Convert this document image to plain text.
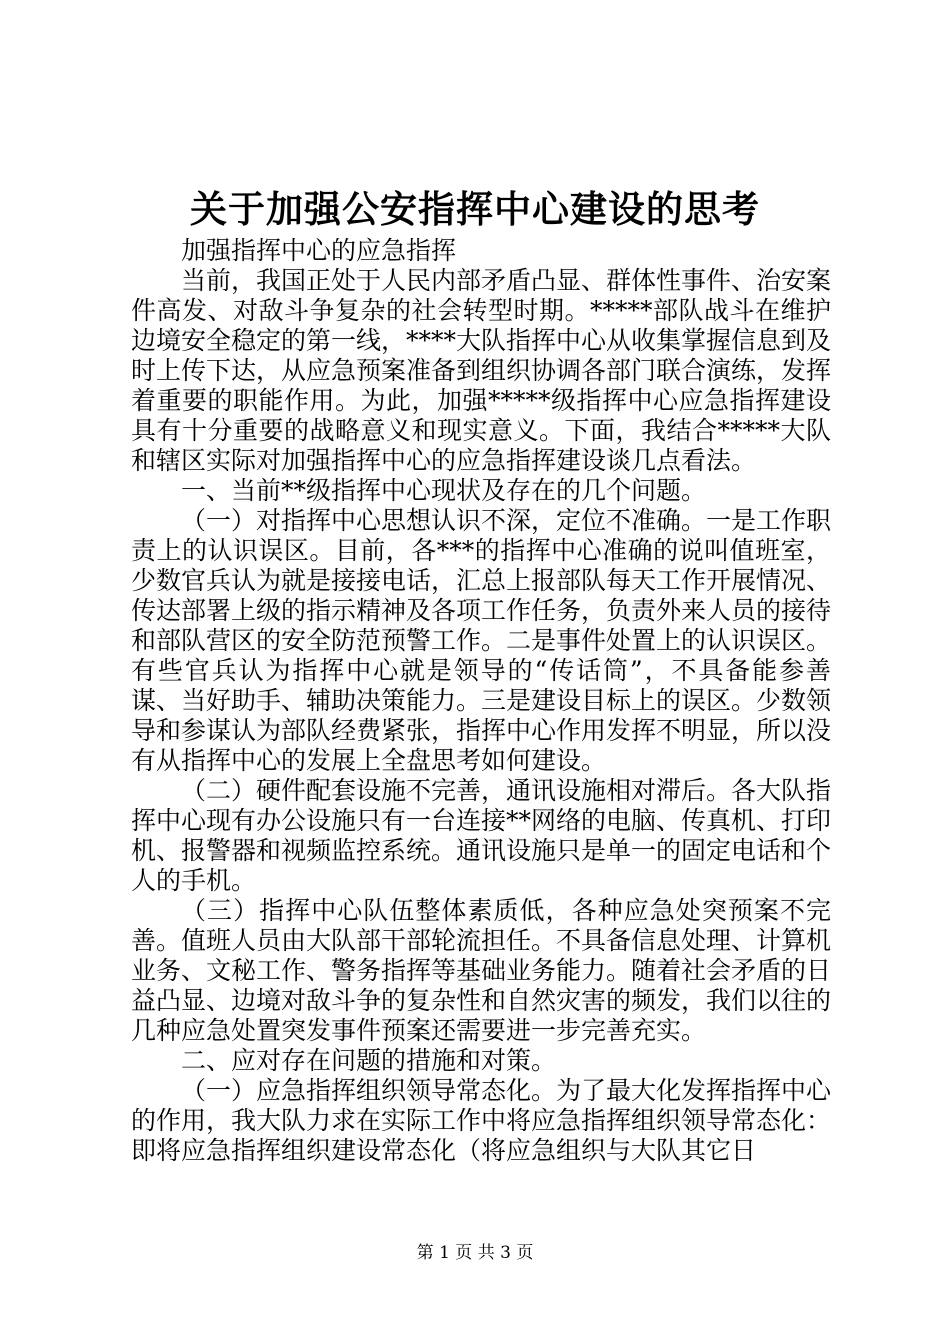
关于加强公安指挥中心建设的思考

加强指挥中心的应急指挥

当前，我国正处于人民内部矛盾凸显、群体性事件、治安案件高发、对敌斗争复杂的社会转型时期。*****部队战斗在维护边境安全稳定的第一线，****大队指挥中心从收集掌握信息到及时上传下达，从应急预案准备到组织协调各部门联合演练，发挥着重要的职能作用。为此，加强*****级指挥中心应急指挥建设具有十分重要的战略意义和现实意义。下面，我结合*****大队和辖区实际对加强指挥中心的应急指挥建设谈几点看法。

一、当前**级指挥中心现状及存在的几个问题。

（一）对指挥中心思想认识不深，定位不准确。一是工作职责上的认识误区。目前，各***的指挥中心准确的说叫值班室，少数官兵认为就是接接电话，汇总上报部队每天工作开展情况、传达部署上级的指示精神及各项工作任务，负责外来人员的接待和部队营区的安全防范预警工作。二是事件处置上的认识误区。有些官兵认为指挥中心就是领导的“传话筒”，不具备能参善谋、当好助手、辅助决策能力。三是建设目标上的误区。少数领导和参谋认为部队经费紧张，指挥中心作用发挥不明显，所以没有从指挥中心的发展上全盘思考如何建设。

（二）硬件配套设施不完善，通讯设施相对滞后。各大队指挥中心现有办公设施只有一台连接**网络的电脑、传真机、打印机、报警器和视频监控系统。通讯设施只是单一的固定电话和个人的手机。

（三）指挥中心队伍整体素质低，各种应急处突预案不完善。值班人员由大队部干部轮流担任。不具备信息处理、计算机业务、文秘工作、警务指挥等基础业务能力。随着社会矛盾的日益凸显、边境对敌斗争的复杂性和自然灾害的频发，我们以往的几种应急处置突发事件预案还需要进一步完善充实。

二、应对存在问题的措施和对策。

（一）应急指挥组织领导常态化。为了最大化发挥指挥中心的作用，我大队力求在实际工作中将应急指挥组织领导常态化：即将应急指挥组织建设常态化（将应急组织与大队其它日

第 1 页 共 3 页
